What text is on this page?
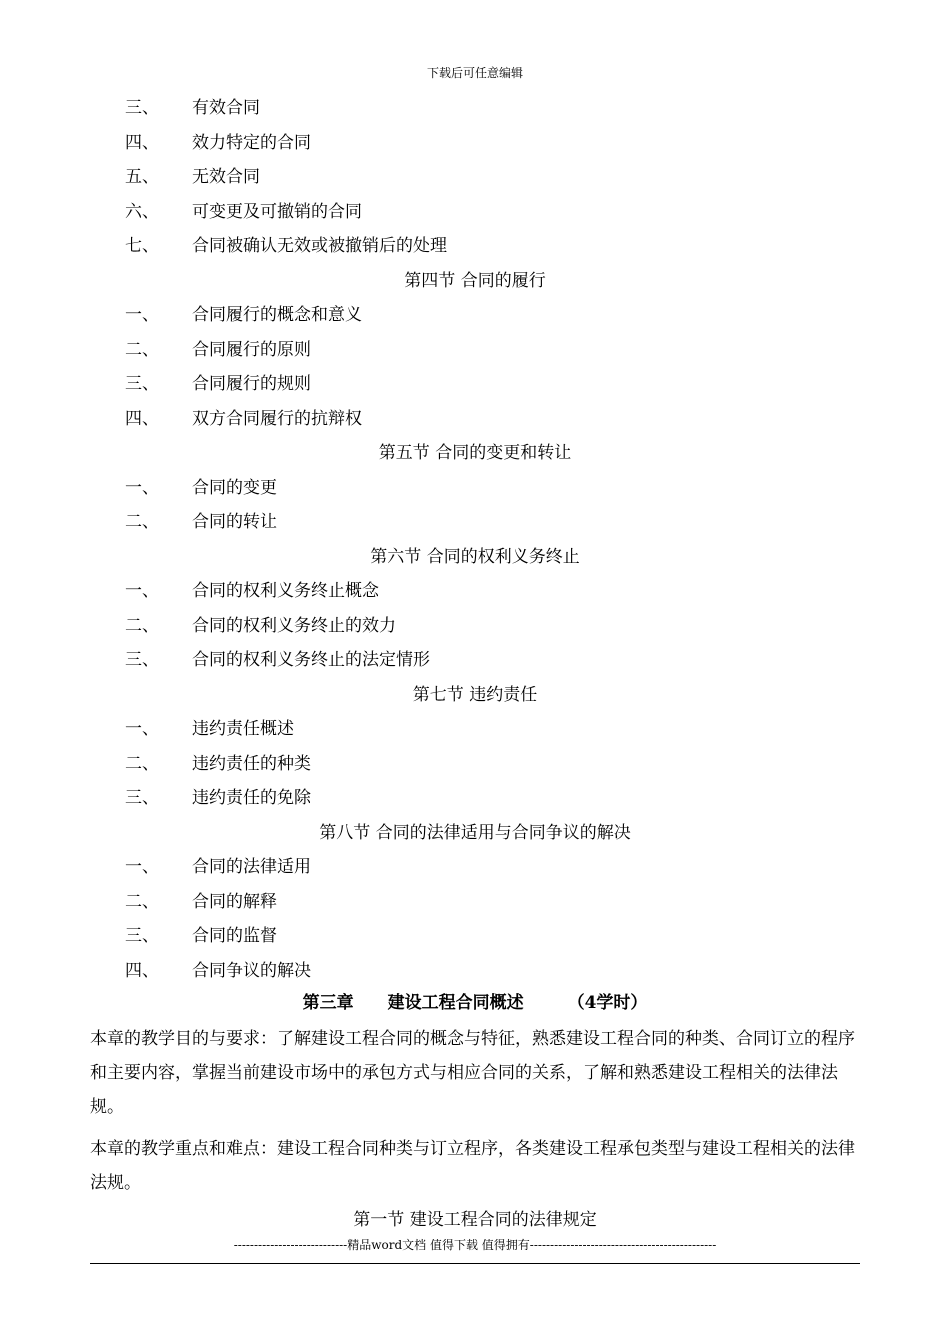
下载后可任意编辑
三、 有效合同
四、 效力特定的合同
五、 无效合同
六、 可变更及可撤销的合同
七、 合同被确认无效或被撤销后的处理
第四节 合同的履行
一、 合同履行的概念和意义
二、 合同履行的原则
三、 合同履行的规则
四、 双方合同履行的抗辩权
第五节 合同的变更和转让
一、 合同的变更
二、 合同的转让
第六节 合同的权利义务终止
一、 合同的权利义务终止概念
二、 合同的权利义务终止的效力
三、 合同的权利义务终止的法定情形
第七节 违约责任
一、 违约责任概述
二、 违约责任的种类
三、 违约责任的免除
第八节 合同的法律适用与合同争议的解决
一、 合同的法律适用
二、 合同的解释
三、 合同的监督
四、 合同争议的解决
第三章 建设工程合同概述	（4学时）
本章的教学目的与要求：了解建设工程合同的概念与特征，熟悉建设工程合同的种类、合同订立的程序和主要内容，掌握当前建设市场中的承包方式与相应合同的关系，了解和熟悉建设工程相关的法律法规。
本章的教学重点和难点：建设工程合同种类与订立程序，各类建设工程承包类型与建设工程相关的法律法规。
第一节 建设工程合同的法律规定
----------------------------精品word文档 值得下载 值得拥有----------------------------------------------
